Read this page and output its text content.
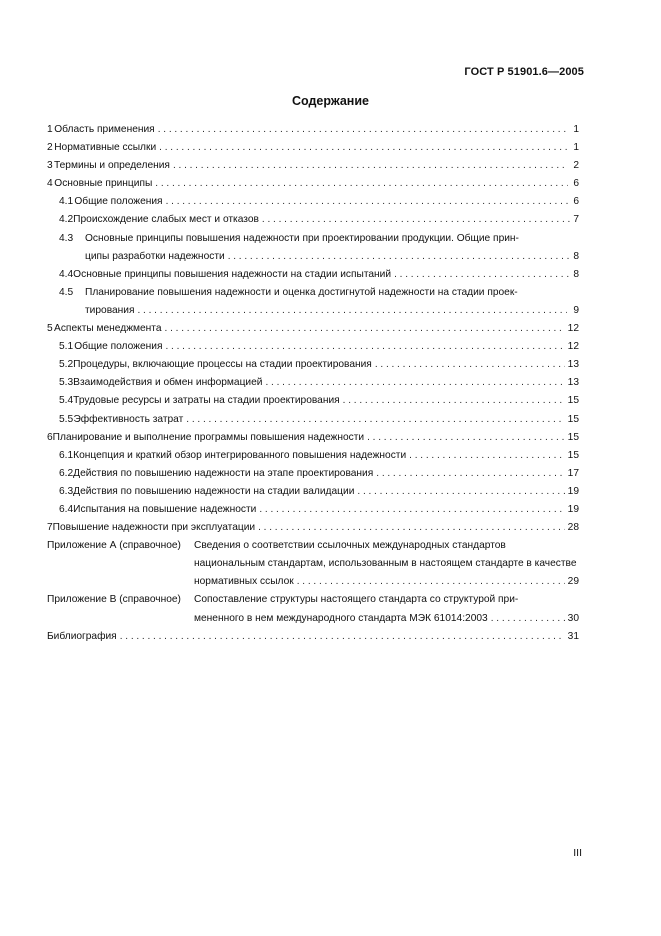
ГОСТ Р 51901.6—2005
Содержание
1 Область применения . . .	1
2 Нормативные ссылки . . .	1
3 Термины и определения . . .	2
4 Основные принципы . . .	6
4.1 Общие положения . . .	6
4.2 Происхождение слабых мест и отказов . . .	7
4.3	Основные принципы повышения надежности при проектировании продукции. Общие прин-
ципы разработки надежности . . .	8
4.4 Основные принципы повышения надежности на стадии испытаний . . .	8
4.5	Планирование повышения надежности и оценка достигнутой надежности на стадии проек-
тирования . . .	9
5 Аспекты менеджмента . . .	12
5.1 Общие положения . . .	12
5.2 Процедуры, включающие процессы на стадии проектирования . . .	13
5.3 Взаимодействия и обмен информацией . . .	13
5.4 Трудовые ресурсы и затраты на стадии проектирования . . .	15
5.5 Эффективность затрат . . .	15
6 Планирование и выполнение программы повышения надежности . . .	15
6.1 Концепция и краткий обзор интегрированного повышения надежности . . .	15
6.2 Действия по повышению надежности на этапе проектирования . . .	17
6.3 Действия по повышению надежности на стадии валидации . . .	19
6.4 Испытания на повышение надежности . . .	19
7 Повышение надежности при эксплуатации . . .	28
Приложение А (справочное)	Сведения о соответствии ссылочных международных стандартов
национальным стандартам, использованным в настоящем стандарте в качестве
нормативных ссылок . . .	29
Приложение В (справочное)	Сопоставление структуры настоящего стандарта со структурой при-
мененного в нем международного стандарта МЭК 61014:2003 . . .	30
Библиография . . .	31
III
